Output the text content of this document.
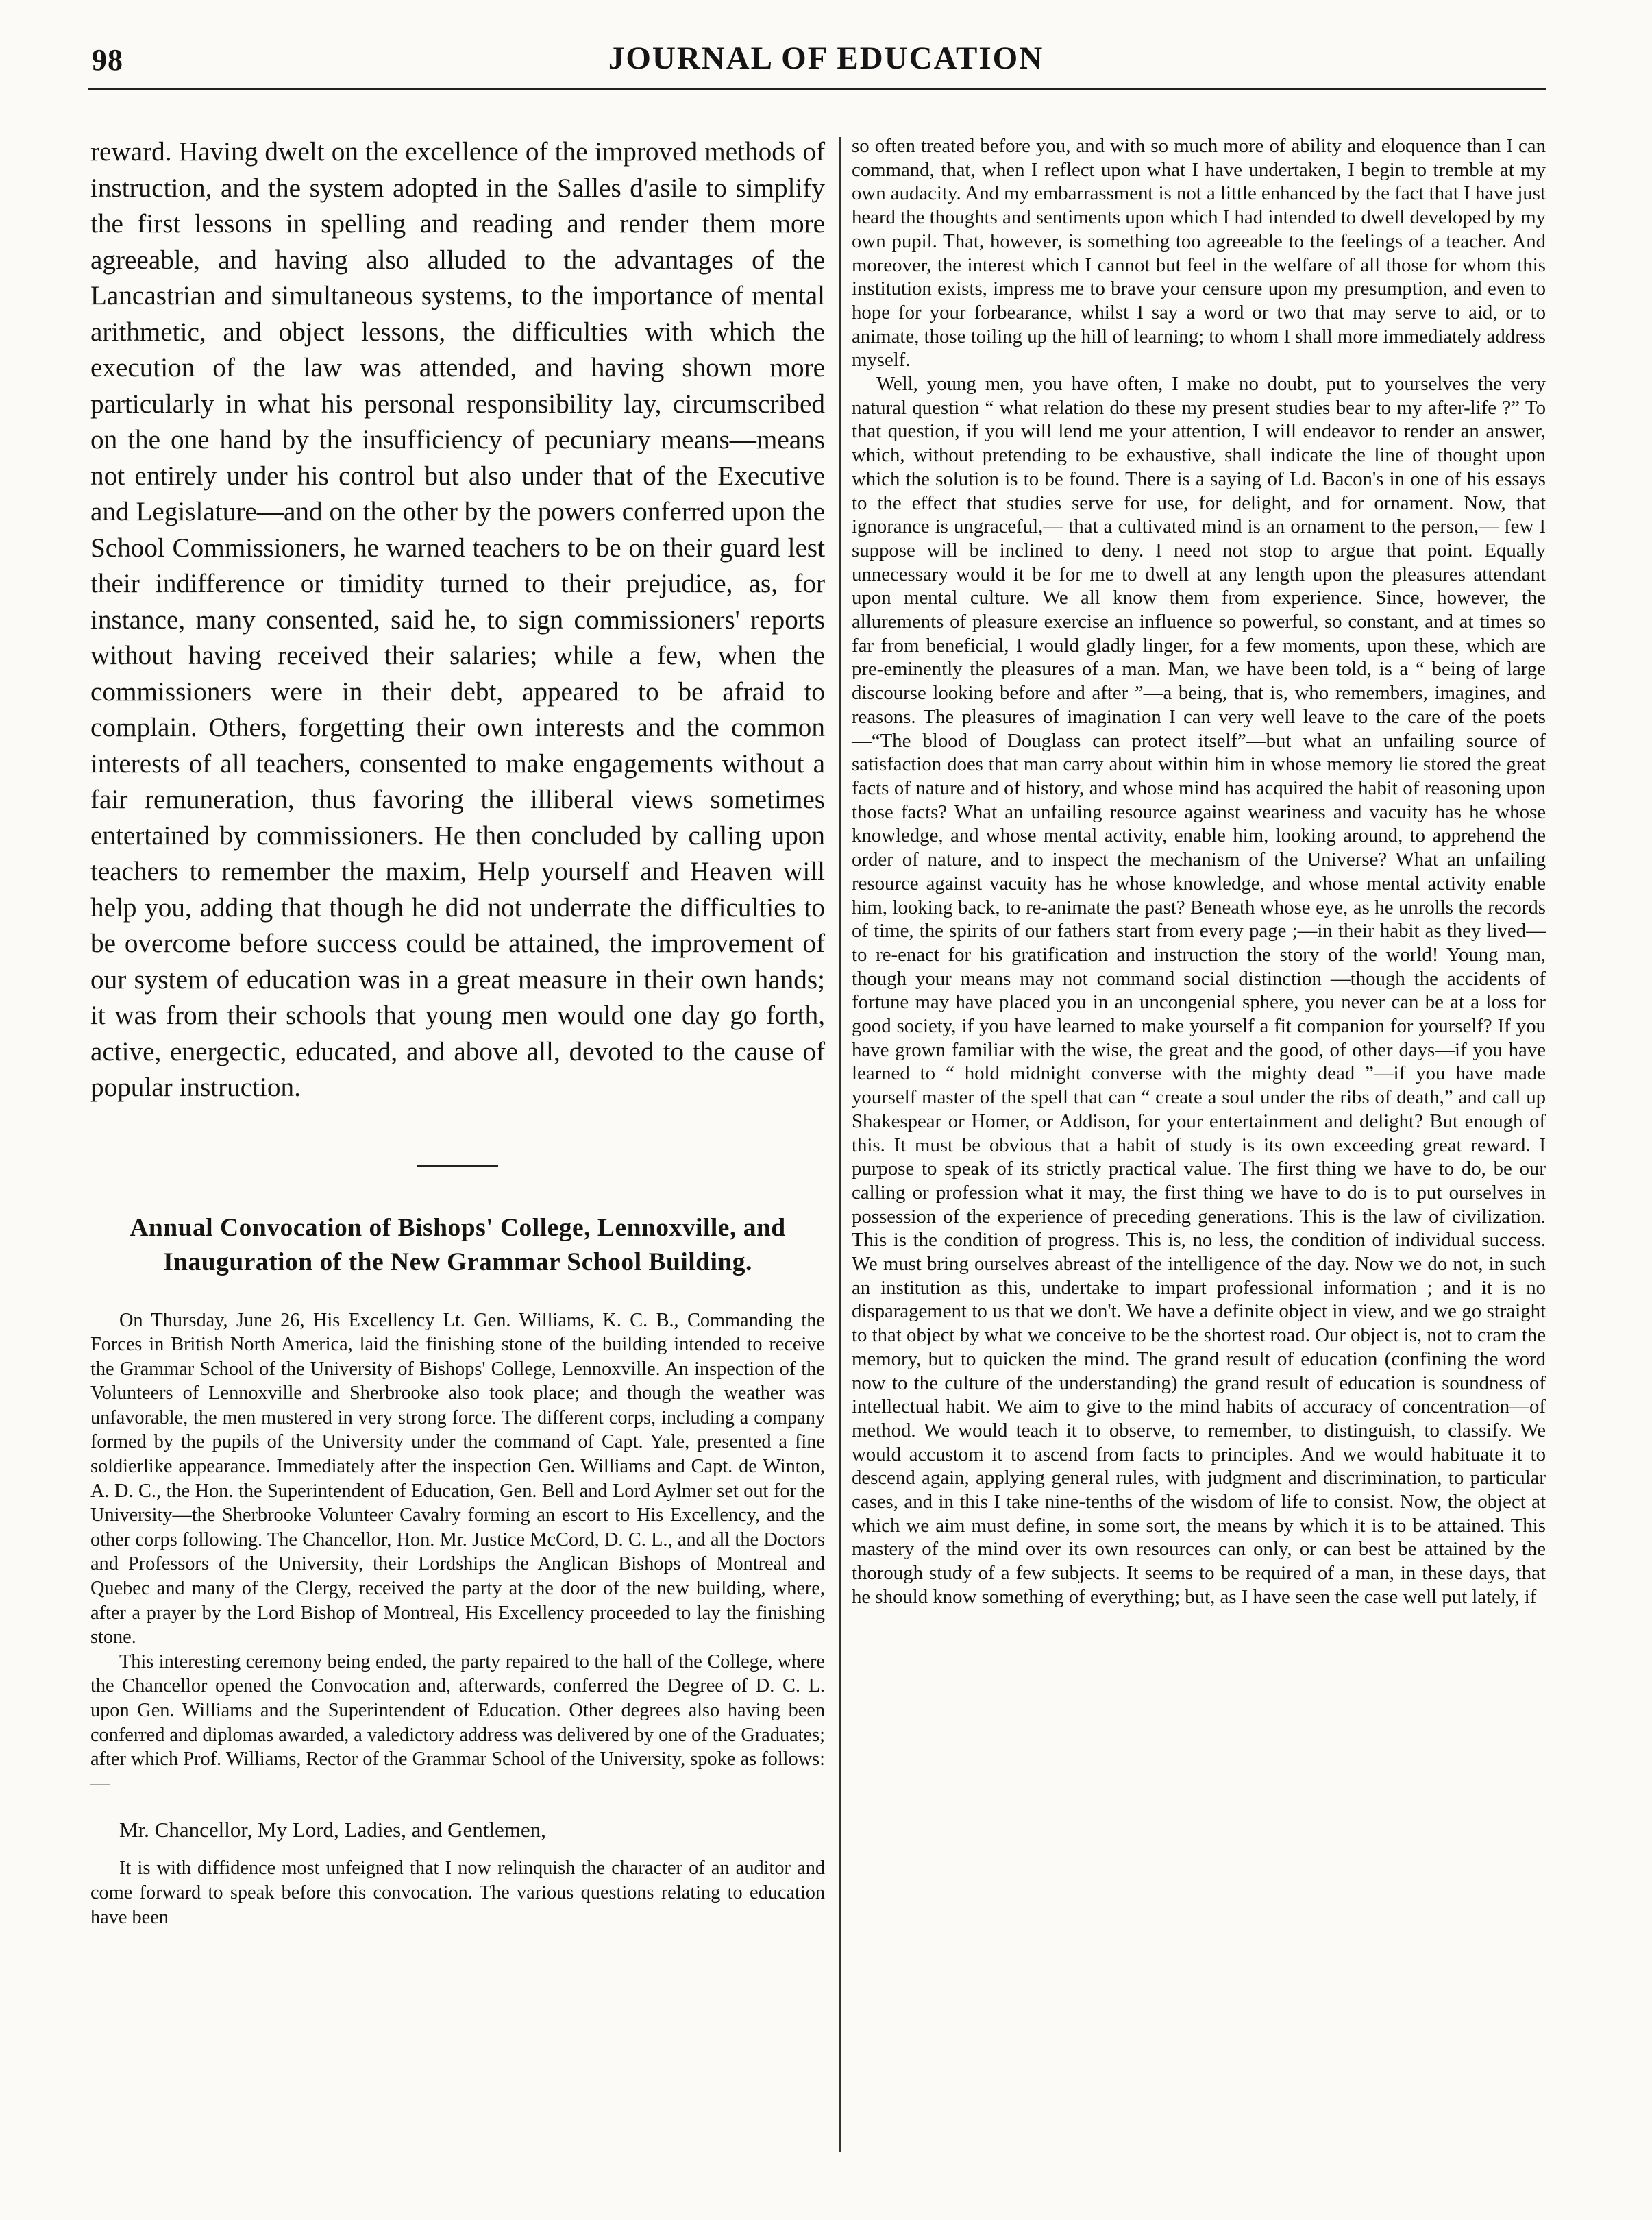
98	JOURNAL OF EDUCATION

reward. Having dwelt on the excellence of the improved methods of instruction, and the system adopted in the Salles d'asile to simplify the first lessons in spelling and reading and render them more agreeable, and having also alluded to the advantages of the Lancastrian and simultaneous systems, to the importance of mental arithmetic, and object lessons, the difficulties with which the execution of the law was attended, and having shown more particularly in what his personal responsibility lay, circumscribed on the one hand by the insufficiency of pecuniary means—means not entirely under his control but also under that of the Executive and Legislature—and on the other by the powers conferred upon the School Commissioners, he warned teachers to be on their guard lest their indifference or timidity turned to their prejudice, as, for instance, many consented, said he, to sign commissioners' reports without having received their salaries; while a few, when the commissioners were in their debt, appeared to be afraid to complain. Others, forgetting their own interests and the common interests of all teachers, consented to make engagements without a fair remuneration, thus favoring the illiberal views sometimes entertained by commissioners. He then concluded by calling upon teachers to remember the maxim, Help yourself and Heaven will help you, adding that though he did not underrate the difficulties to be overcome before success could be attained, the improvement of our system of education was in a great measure in their own hands; it was from their schools that young men would one day go forth, active, energectic, educated, and above all, devoted to the cause of popular instruction.

Annual Convocation of Bishops' College, Lennoxville, and Inauguration of the New Grammar School Building.

On Thursday, June 26, His Excellency Lt. Gen. Williams, K. C. B., Commanding the Forces in British North America, laid the finishing stone of the building intended to receive the Grammar School of the University of Bishops' College, Lennoxville. An inspection of the Volunteers of Lennoxville and Sherbrooke also took place; and though the weather was unfavorable, the men mustered in very strong force. The different corps, including a company formed by the pupils of the University under the command of Capt. Yale, presented a fine soldierlike appearance. Immediately after the inspection Gen. Williams and Capt. de Winton, A. D. C., the Hon. the Superintendent of Education, Gen. Bell and Lord Aylmer set out for the University—the Sherbrooke Volunteer Cavalry forming an escort to His Excellency, and the other corps following. The Chancellor, Hon. Mr. Justice McCord, D. C. L., and all the Doctors and Professors of the University, their Lordships the Anglican Bishops of Montreal and Quebec and many of the Clergy, received the party at the door of the new building, where, after a prayer by the Lord Bishop of Montreal, His Excellency proceeded to lay the finishing stone.

This interesting ceremony being ended, the party repaired to the hall of the College, where the Chancellor opened the Convocation and, afterwards, conferred the Degree of D. C. L. upon Gen. Williams and the Superintendent of Education. Other degrees also having been conferred and diplomas awarded, a valedictory address was delivered by one of the Graduates; after which Prof. Williams, Rector of the Grammar School of the University, spoke as follows:—

Mr. Chancellor, My Lord, Ladies, and Gentlemen,

It is with diffidence most unfeigned that I now relinquish the character of an auditor and come forward to speak before this convocation. The various questions relating to education have been

so often treated before you, and with so much more of ability and eloquence than I can command, that, when I reflect upon what I have undertaken, I begin to tremble at my own audacity. And my embarrassment is not a little enhanced by the fact that I have just heard the thoughts and sentiments upon which I had intended to dwell developed by my own pupil. That, however, is something too agreeable to the feelings of a teacher. And moreover, the interest which I cannot but feel in the welfare of all those for whom this institution exists, impress me to brave your censure upon my presumption, and even to hope for your forbearance, whilst I say a word or two that may serve to aid, or to animate, those toiling up the hill of learning; to whom I shall more immediately address myself.

Well, young men, you have often, I make no doubt, put to yourselves the very natural question “ what relation do these my present studies bear to my after-life ?” To that question, if you will lend me your attention, I will endeavor to render an answer, which, without pretending to be exhaustive, shall indicate the line of thought upon which the solution is to be found. There is a saying of Ld. Bacon's in one of his essays to the effect that studies serve for use, for delight, and for ornament. Now, that ignorance is ungraceful,— that a cultivated mind is an ornament to the person,— few I suppose will be inclined to deny. I need not stop to argue that point. Equally unnecessary would it be for me to dwell at any length upon the pleasures attendant upon mental culture. We all know them from experience. Since, however, the allurements of pleasure exercise an influence so powerful, so constant, and at times so far from beneficial, I would gladly linger, for a few moments, upon these, which are pre-eminently the pleasures of a man. Man, we have been told, is a “ being of large discourse looking before and after ”—a being, that is, who remembers, imagines, and reasons. The pleasures of imagination I can very well leave to the care of the poets—“The blood of Douglass can protect itself”—but what an unfailing source of satisfaction does that man carry about within him in whose memory lie stored the great facts of nature and of history, and whose mind has acquired the habit of reasoning upon those facts? What an unfailing resource against weariness and vacuity has he whose knowledge, and whose mental activity, enable him, looking around, to apprehend the order of nature, and to inspect the mechanism of the Universe? What an unfailing resource against vacuity has he whose knowledge, and whose mental activity enable him, looking back, to re-animate the past? Beneath whose eye, as he unrolls the records of time, the spirits of our fathers start from every page ;—in their habit as they lived—to re-enact for his gratification and instruction the story of the world! Young man, though your means may not command social distinction —though the accidents of fortune may have placed you in an uncongenial sphere, you never can be at a loss for good society, if you have learned to make yourself a fit companion for yourself? If you have grown familiar with the wise, the great and the good, of other days—if you have learned to “ hold midnight converse with the mighty dead ”—if you have made yourself master of the spell that can “ create a soul under the ribs of death,” and call up Shakespear or Homer, or Addison, for your entertainment and delight? But enough of this. It must be obvious that a habit of study is its own exceeding great reward. I purpose to speak of its strictly practical value. The first thing we have to do, be our calling or profession what it may, the first thing we have to do is to put ourselves in possession of the experience of preceding generations. This is the law of civilization. This is the condition of progress. This is, no less, the condition of individual success. We must bring ourselves abreast of the intelligence of the day. Now we do not, in such an institution as this, undertake to impart professional information ; and it is no disparagement to us that we don't. We have a definite object in view, and we go straight to that object by what we conceive to be the shortest road. Our object is, not to cram the memory, but to quicken the mind. The grand result of education (confining the word now to the culture of the understanding) the grand result of education is soundness of intellectual habit. We aim to give to the mind habits of accuracy of concentration—of method. We would teach it to observe, to remember, to distinguish, to classify. We would accustom it to ascend from facts to principles. And we would habituate it to descend again, applying general rules, with judgment and discrimination, to particular cases, and in this I take nine-tenths of the wisdom of life to consist. Now, the object at which we aim must define, in some sort, the means by which it is to be attained. This mastery of the mind over its own resources can only, or can best be attained by the thorough study of a few subjects. It seems to be required of a man, in these days, that he should know something of everything; but, as I have seen the case well put lately, if
